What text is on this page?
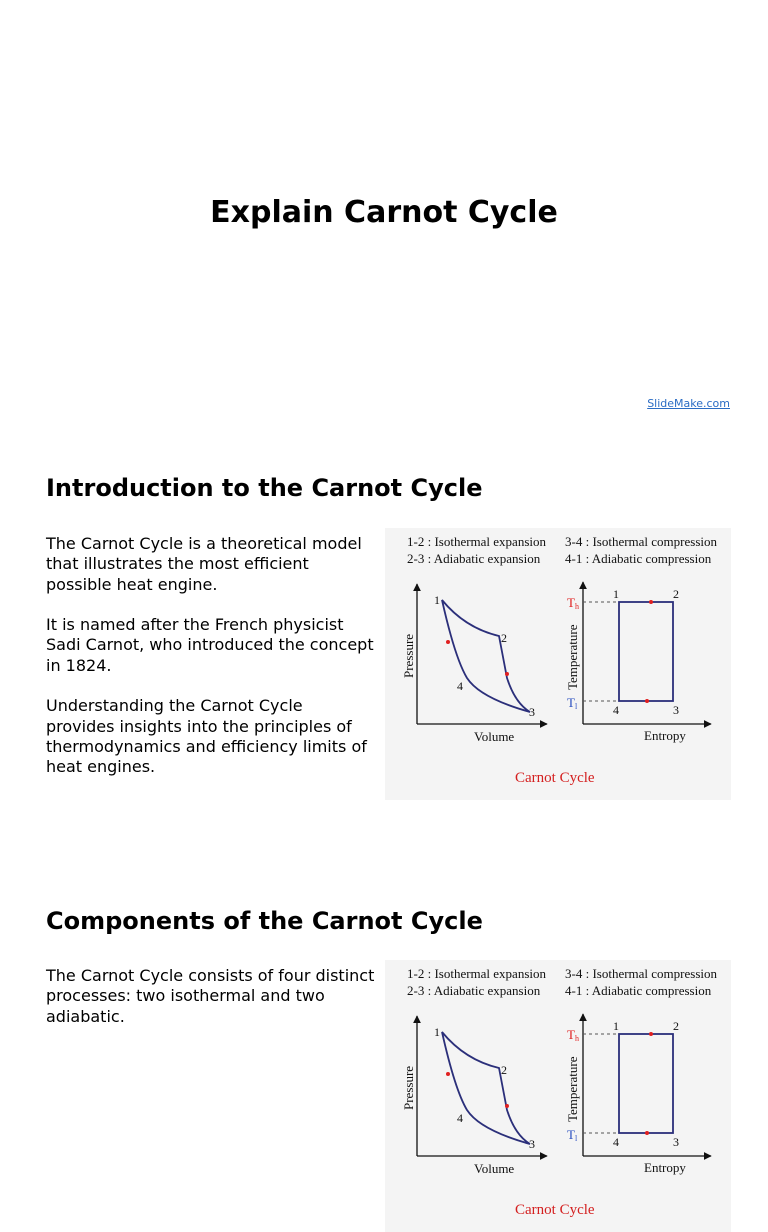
Explain Carnot Cycle
SlideMake.com
Introduction to the Carnot Cycle

The Carnot Cycle is a theoretical model that illustrates the most efficient possible heat engine.

It is named after the French physicist Sadi Carnot, who introduced the concept in 1824.

Understanding the Carnot Cycle provides insights into the principles of thermodynamics and efficiency limits of heat engines.

1-2 : Isothermal expansion
2-3 : Adiabatic expansion
3-4 : Isothermal compression
4-1 : Adiabatic compression
1
2
3
4
Pressure
Volume
1	2
3
4
T h
T l
Temperature
Entropy
Carnot Cycle
Components of the Carnot Cycle

The Carnot Cycle consists of four distinct processes: two isothermal and two adiabatic.

1-2 : Isothermal expansion
2-3 : Adiabatic expansion
3-4 : Isothermal compression
4-1 : Adiabatic compression
1
2
3
4
Pressure
Volume
1	2
3
4
T h
T l
Temperature
Entropy
Carnot Cycle
